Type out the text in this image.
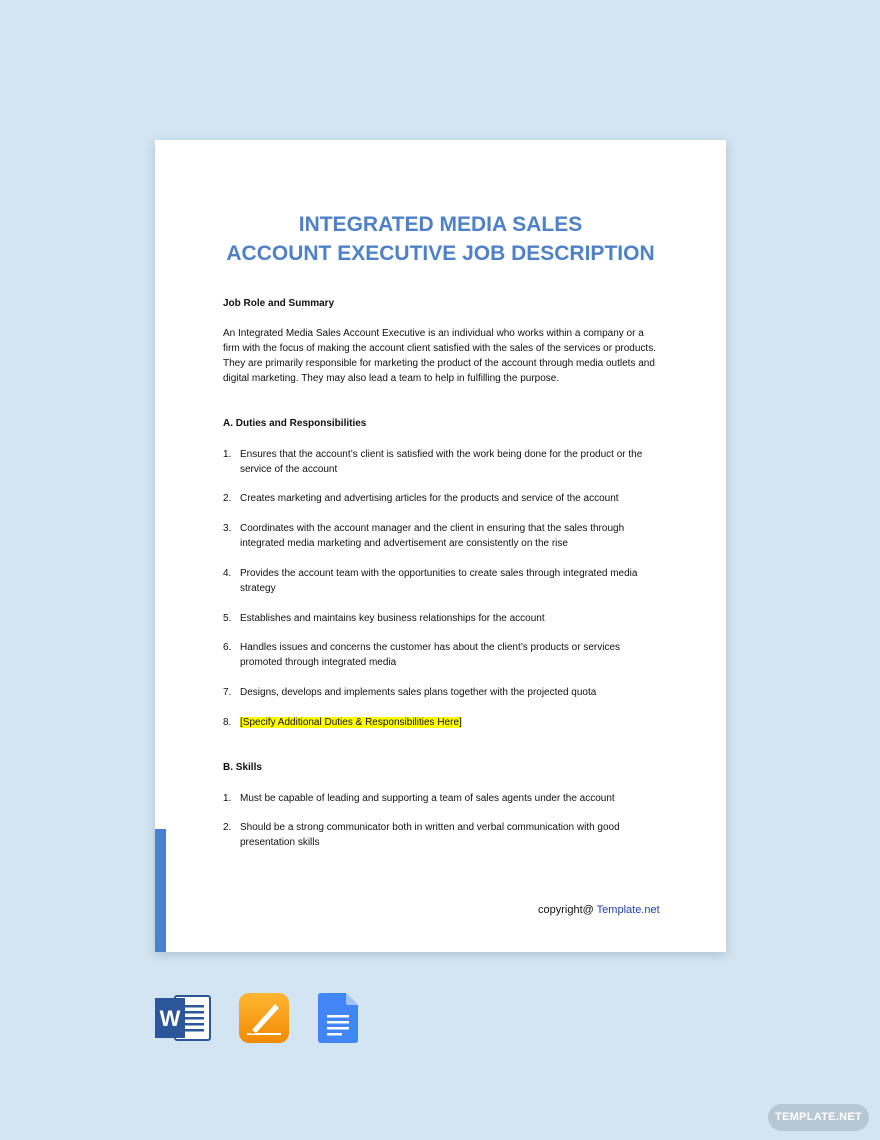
INTEGRATED MEDIA SALES
ACCOUNT EXECUTIVE JOB DESCRIPTION
Job Role and Summary
An Integrated Media Sales Account Executive is an individual who works within a company or a firm with the focus of making the account client satisfied with the sales of the services or products. They are primarily responsible for marketing the product of the account through media outlets and digital marketing. They may also lead a team to help in fulfilling the purpose.
A. Duties and Responsibilities
1. Ensures that the account’s client is satisfied with the work being done for the product or the service of the account
2. Creates marketing and advertising articles for the products and service of the account
3. Coordinates with the account manager and the client in ensuring that the sales through integrated media marketing and advertisement are consistently on the rise
4. Provides the account team with the opportunities to create sales through integrated media strategy
5. Establishes and maintains key business relationships for the account
6. Handles issues and concerns the customer has about the client’s products or services promoted through integrated media
7. Designs, develops and implements sales plans together with the projected quota
8. [Specify Additional Duties & Responsibilities Here]
B. Skills
1. Must be capable of leading and supporting a team of sales agents under the account
2. Should be a strong communicator both in written and verbal communication with good presentation skills
copyright@ Template.net
W
TEMPLATE.NET
